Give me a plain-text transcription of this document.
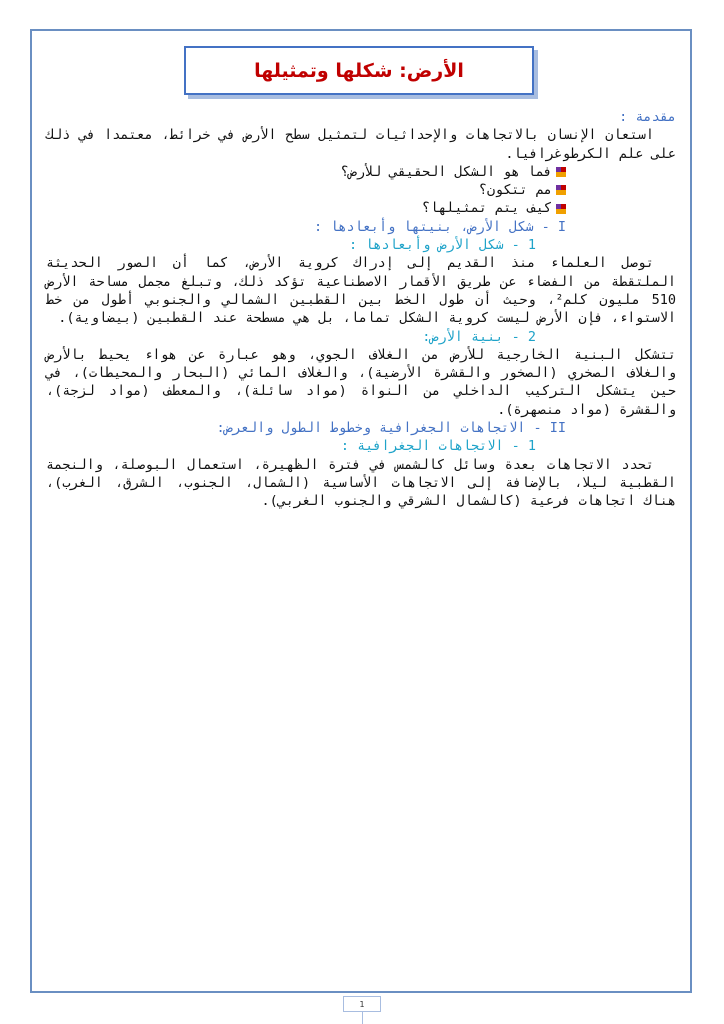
الأرض: شكلها وتمثيلها

مقدمة :

استعان الإنسان بالاتجاهات والإحداثيات لتمثيل سطح الأرض في خرائط، معتمدا في ذلك على علم الكرطوغرافيا.

فما هو الشكل الحقيقي للأرض؟
مم تتكون؟
كيف يتم تمثيلها؟

I - شكل الأرض، بنيتها وأبعادها :

1 - شكل الأرض وأبعادها :

توصل العلماء منذ القديم إلى إدراك كروية الأرض، كما أن الصور الحديثة الملتقطة من الفضاء عن طريق الأقمار الاصطناعية تؤكد ذلك، وتبلغ مجمل مساحة الأرض 510 مليون كلم²، وحيث أن طول الخط بين القطبين الشمالي والجنوبي أطول من خط الاستواء، فإن الأرض ليست كروية الشكل تماما، بل هي مسطحة عند القطبين (بيضاوية).

2 - بنية الأرض:

تتشكل البنية الخارجية للأرض من الغلاف الجوي، وهو عبارة عن هواء يحيط بالأرض والغلاف الصخري (الصخور والقشرة الأرضية)، والغلاف المائي (البحار والمحيطات)، في حين يتشكل التركيب الداخلي من النواة (مواد سائلة)، والمعطف (مواد لزجة)، والقشرة (مواد منصهرة).

II - الاتجاهات الجغرافية وخطوط الطول والعرض:

1 - الاتجاهات الجغرافية :

تحدد الاتجاهات بعدة وسائل كالشمس في فترة الظهيرة، استعمال البوصلة، والنجمة القطبية ليلا، بالإضافة إلى الاتجاهات الأساسية (الشمال، الجنوب، الشرق، الغرب)، هناك اتجاهات فرعية (كالشمال الشرقي والجنوب الغربي).

1
